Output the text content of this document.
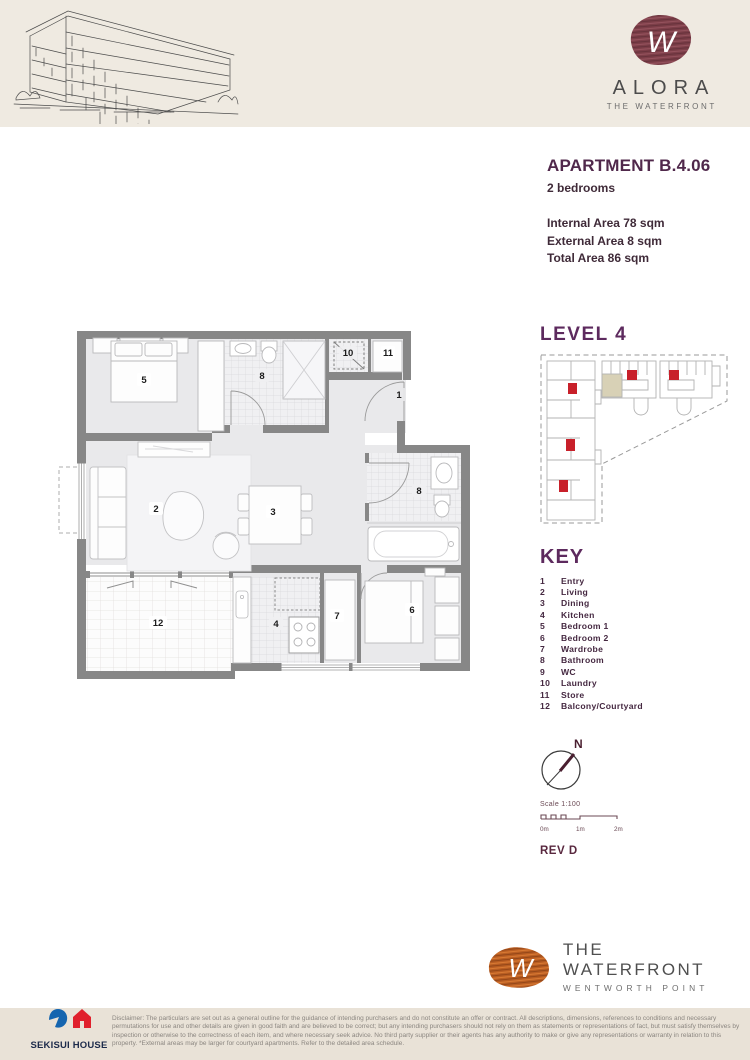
W
ALORA
THE WATERFRONT
APARTMENT B.4.06
2 bedrooms
Internal Area 78 sqm
External Area 8 sqm
Total Area 86 sqm
5	8
10	11
1
2	3
8
12	4
7
6
LEVEL 4
KEY
1	Entry
2	Living
3	Dining
4	Kitchen
5	Bedroom 1
6	Bedroom 2
7	Wardrobe
8	Bathroom
9	WC
10	Laundry
11	Store
12	Balcony/Courtyard
N
Scale 1:100
0m	1m	2m
REV D
W
THE WATERFRONT
WENTWORTH POINT
SEKISUI HOUSE
Disclaimer: The particulars are set out as a general outline for the guidance of intending purchasers and do not constitute an offer or contract. All descriptions, dimensions, references to conditions and necessary permutations for use and other details are given in good faith and are believed to be correct; but any intending purchasers should not rely on them as statements or representations of fact, but must satisfy themselves by inspection or otherwise to the correctness of each item, and where necessary seek advice. No third party supplier or their agents has any authority to make or give any representations or warranty in relation to this property. *External areas may be larger for courtyard apartments. Refer to the detailed area schedule.
